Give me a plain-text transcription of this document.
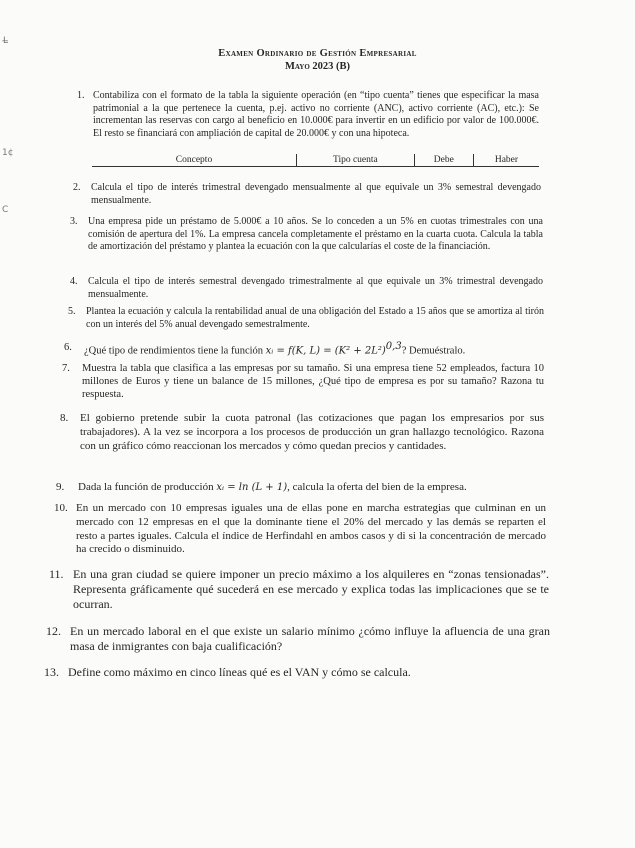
L̶
1¢
C
Examen Ordinario de Gestión Empresarial
Mayo 2023 (B)
1. Contabiliza con el formato de la tabla la siguiente operación (en “tipo cuenta” tienes que especificar la masa patrimonial a la que pertenece la cuenta, p.ej. activo no corriente (ANC), activo corriente (AC), etc.): Se incrementan las reservas con cargo al beneficio en 10.000€ para invertir en un edificio por valor de 100.000€. El resto se financiará con ampliación de capital de 20.000€ y con una hipoteca.
Concepto	Tipo cuenta	Debe	Haber

2. Calcula el tipo de interés trimestral devengado mensualmente al que equivale un 3% semestral devengado mensualmente.
3. Una empresa pide un préstamo de 5.000€ a 10 años. Se lo conceden a un 5% en cuotas trimestrales con una comisión de apertura del 1%. La empresa cancela completamente el préstamo en la cuarta cuota. Calcula la tabla de amortización del préstamo y plantea la ecuación con la que calcularías el coste de la financiación.
4. Calcula el tipo de interés semestral devengado trimestralmente al que equivale un 3% trimestral devengado mensualmente.
5. Plantea la ecuación y calcula la rentabilidad anual de una obligación del Estado a 15 años que se amortiza al tirón con un interés del 5% anual devengado semestralmente.
6. ¿Qué tipo de rendimientos tiene la función xᵢ = f(K, $L) = (K^2 + 2L^2)^{0,3}$? Demuéstralo.
7. Muestra la tabla que clasifica a las empresas por su tamaño. Si una empresa tiene 52 empleados, factura 10 millones de Euros y tiene un balance de 15 millones, ¿Qué tipo de empresa es por su tamaño? Razona tu respuesta.
8. El gobierno pretende subir la cuota patronal (las cotizaciones que pagan los empresarios por sus trabajadores). A la vez se incorpora a los procesos de producción un gran hallazgo tecnológico. Razona con un gráfico cómo reaccionan los mercados y cómo quedan precios y cantidades.
9. Dada la función de producción xᵢ = ln (L + 1), calcula la oferta del bien de la empresa.
10. En un mercado con 10 empresas iguales una de ellas pone en marcha estrategias que culminan en un mercado con 12 empresas en el que la dominante tiene el 20% del mercado y las demás se reparten el resto a partes iguales. Calcula el índice de Herfindahl en ambos casos y di si la concentración de mercado ha crecido o disminuido.
11. En una gran ciudad se quiere imponer un precio máximo a los alquileres en “zonas tensionadas”. Representa gráficamente qué sucederá en ese mercado y explica todas las implicaciones que se te ocurran.
12. En un mercado laboral en el que existe un salario mínimo ¿cómo influye la afluencia de una gran masa de inmigrantes con baja cualificación?
13. Define como máximo en cinco líneas qué es el VAN y cómo se calcula.
